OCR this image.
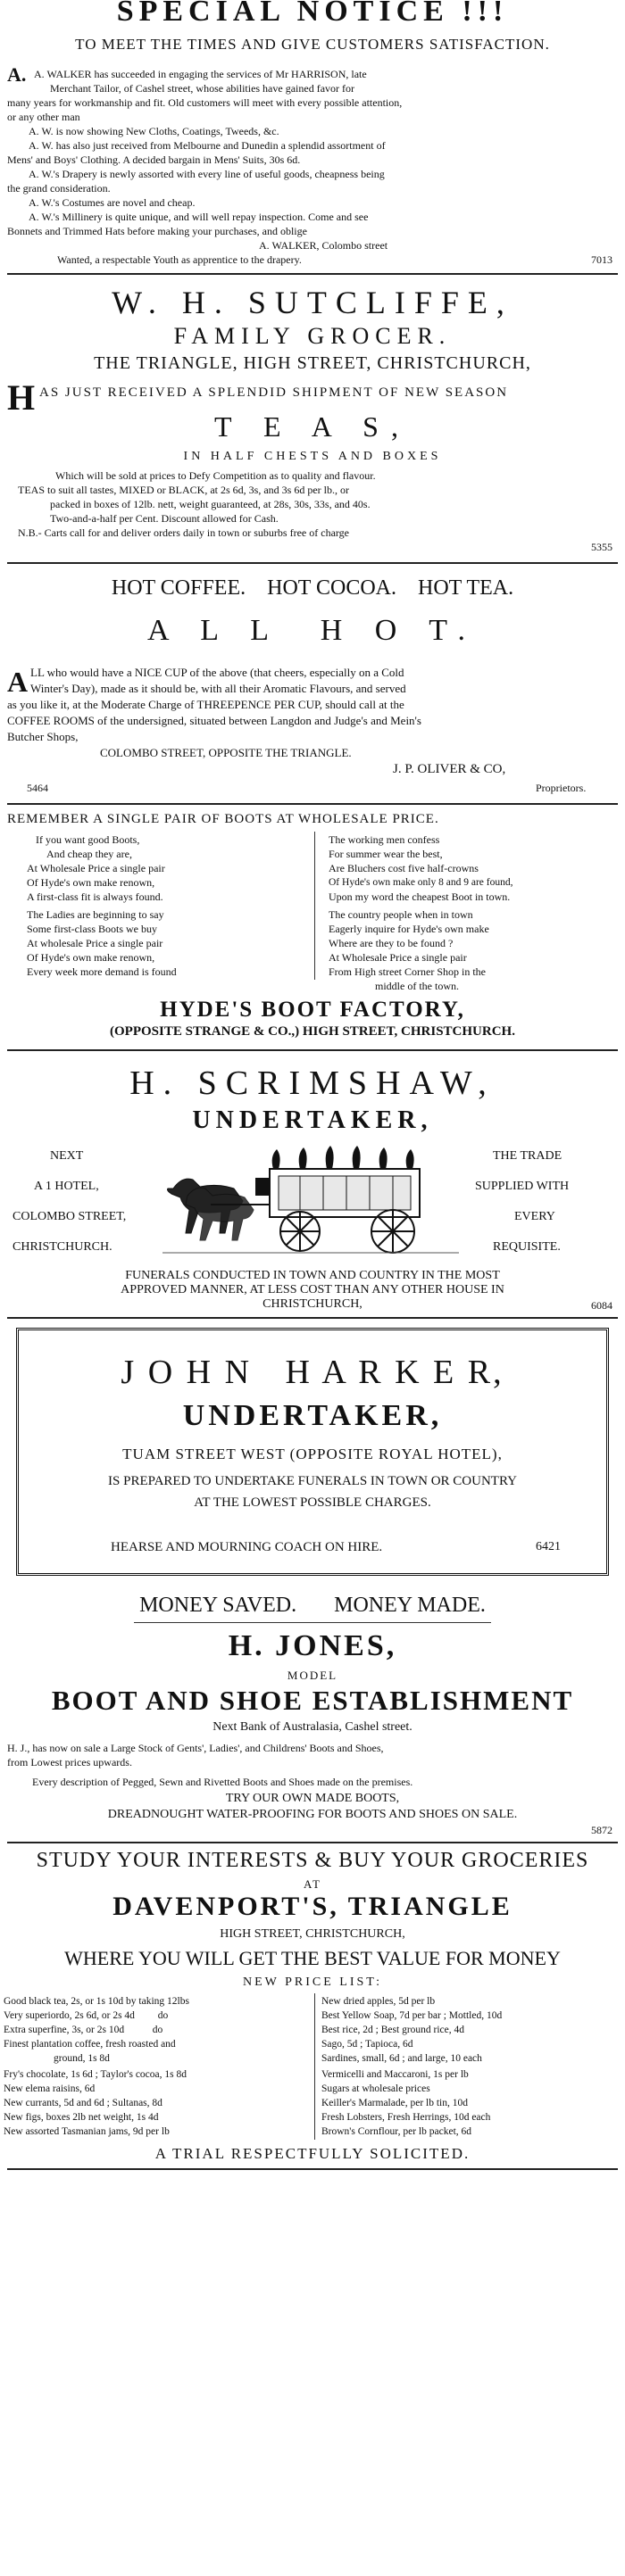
SPECIAL NOTICE !!!
TO MEET THE TIMES AND GIVE CUSTOMERS SATISFACTION.
A. A. WALKER has succeeded in engaging the services of Mr HARRISON, late
Merchant Tailor, of Cashel street, whose abilities have gained favor for
many years for workmanship and fit. Old customers will meet with every possible attention,
or any other man
A. W. is now showing New Cloths, Coatings, Tweeds, &c.
A. W. has also just received from Melbourne and Dunedin a splendid assortment of
Mens' and Boys' Clothing. A decided bargain in Mens' Suits, 30s 6d.
A. W.'s Drapery is newly assorted with every line of useful goods, cheapness being
the grand consideration.
A. W.'s Costumes are novel and cheap.
A. W.'s Millinery is quite unique, and will well repay inspection. Come and see
Bonnets and Trimmed Hats before making your purchases, and oblige
A. WALKER, Colombo street
Wanted, a respectable Youth as apprentice to the drapery.	7013
W. H. SUTCLIFFE,
FAMILY GROCER.
THE TRIANGLE, HIGH STREET, CHRISTCHURCH,
H AS JUST RECEIVED A SPLENDID SHIPMENT OF NEW SEASON
T E A S,
IN HALF CHESTS AND BOXES
Which will be sold at prices to Defy Competition as to quality and flavour.
TEAS to suit all tastes, MIXED or BLACK, at 2s 6d, 3s, and 3s 6d per lb., or
packed in boxes of 12lb. nett, weight guaranteed, at 28s, 30s, 33s, and 40s.
Two-and-a-half per Cent. Discount allowed for Cash.
N.B.- Carts call for and deliver orders daily in town or suburbs free of charge
5355
HOT COFFEE.    HOT COCOA.    HOT TEA.
A L L  H O T.
A LL who would have a NICE CUP of the above (that cheers, especially on a Cold
Winter's Day), made as it should be, with all their Aromatic Flavours, and served
as you like it, at the Moderate Charge of THREEPENCE PER CUP, should call at the
COFFEE ROOMS of the undersigned, situated between Langdon and Judge's and Mein's
Butcher Shops,
COLOMBO STREET, OPPOSITE THE TRIANGLE.
J. P. OLIVER & CO,
5464	Proprietors.
REMEMBER A SINGLE PAIR OF BOOTS AT WHOLESALE PRICE.
If you want good Boots,
And cheap they are,
At Wholesale Price a single pair
Of Hyde's own make renown,
A first-class fit is always found.
The Ladies are beginning to say
Some first-class Boots we buy
At wholesale Price a single pair
Of Hyde's own make renown,
Every week more demand is found
The working men confess
For summer wear the best,
Are Bluchers cost five half-crowns
Of Hyde's own make only 8 and 9 are found,
Upon my word the cheapest Boot in town.
The country people when in town
Eagerly inquire for Hyde's own make
Where are they to be found ?
At Wholesale Price a single pair
From High street Corner Shop in the
middle of the town.
HYDE'S BOOT FACTORY,
(OPPOSITE STRANGE & CO.,) HIGH STREET, CHRISTCHURCH.
H. SCRIMSHAW,
UNDERTAKER,
NEXT
A 1 HOTEL,
COLOMBO STREET,
CHRISTCHURCH.
THE TRADE
SUPPLIED WITH
EVERY
REQUISITE.
FUNERALS CONDUCTED IN TOWN AND COUNTRY IN THE MOST
APPROVED MANNER, AT LESS COST THAN ANY OTHER HOUSE IN
CHRISTCHURCH,	6084
J O H N   H A R K E R,
UNDERTAKER,
TUAM STREET WEST (OPPOSITE ROYAL HOTEL),
IS PREPARED TO UNDERTAKE FUNERALS IN TOWN OR COUNTRY
AT THE LOWEST POSSIBLE CHARGES.
HEARSE AND MOURNING COACH ON HIRE.	6421
MONEY SAVED.       MONEY MADE.
H. JONES,
MODEL
BOOT AND SHOE ESTABLISHMENT
Next Bank of Australasia, Cashel street.
H. J., has now on sale a Large Stock of Gents', Ladies', and Childrens' Boots and Shoes,
from Lowest prices upwards.
Every description of Pegged, Sewn and Rivetted Boots and Shoes made on the premises.
TRY OUR OWN MADE BOOTS,
DREADNOUGHT WATER-PROOFING FOR BOOTS AND SHOES ON SALE.
5872
STUDY YOUR INTERESTS & BUY YOUR GROCERIES
AT
DAVENPORT'S, TRIANGLE
HIGH STREET, CHRISTCHURCH,
WHERE YOU WILL GET THE BEST VALUE FOR MONEY
NEW PRICE LIST:
Good black tea, 2s, or 1s 10d by taking 12lbs
Very superiordo, 2s 6d, or 2s 4d         do
Extra superfine, 3s, or 2s 10d           do
Finest plantation coffee, fresh roasted and
ground, 1s 8d
Fry's chocolate, 1s 6d ; Taylor's cocoa, 1s 8d
New elema raisins, 6d
New currants, 5d and 6d ; Sultanas, 8d
New figs, boxes 2lb net weight, 1s 4d
New assorted Tasmanian jams, 9d per lb
New dried apples, 5d per lb
Best Yellow Soap, 7d per bar ; Mottled, 10d
Best rice, 2d ; Best ground rice, 4d
Sago, 5d ; Tapioca, 6d
Sardines, small, 6d ; and large, 10 each
Vermicelli and Maccaroni, 1s per lb
Sugars at wholesale prices
Keiller's Marmalade, per lb tin, 10d
Fresh Lobsters, Fresh Herrings, 10d each
Brown's Cornflour, per lb packet, 6d
A TRIAL RESPECTFULLY SOLICITED.
